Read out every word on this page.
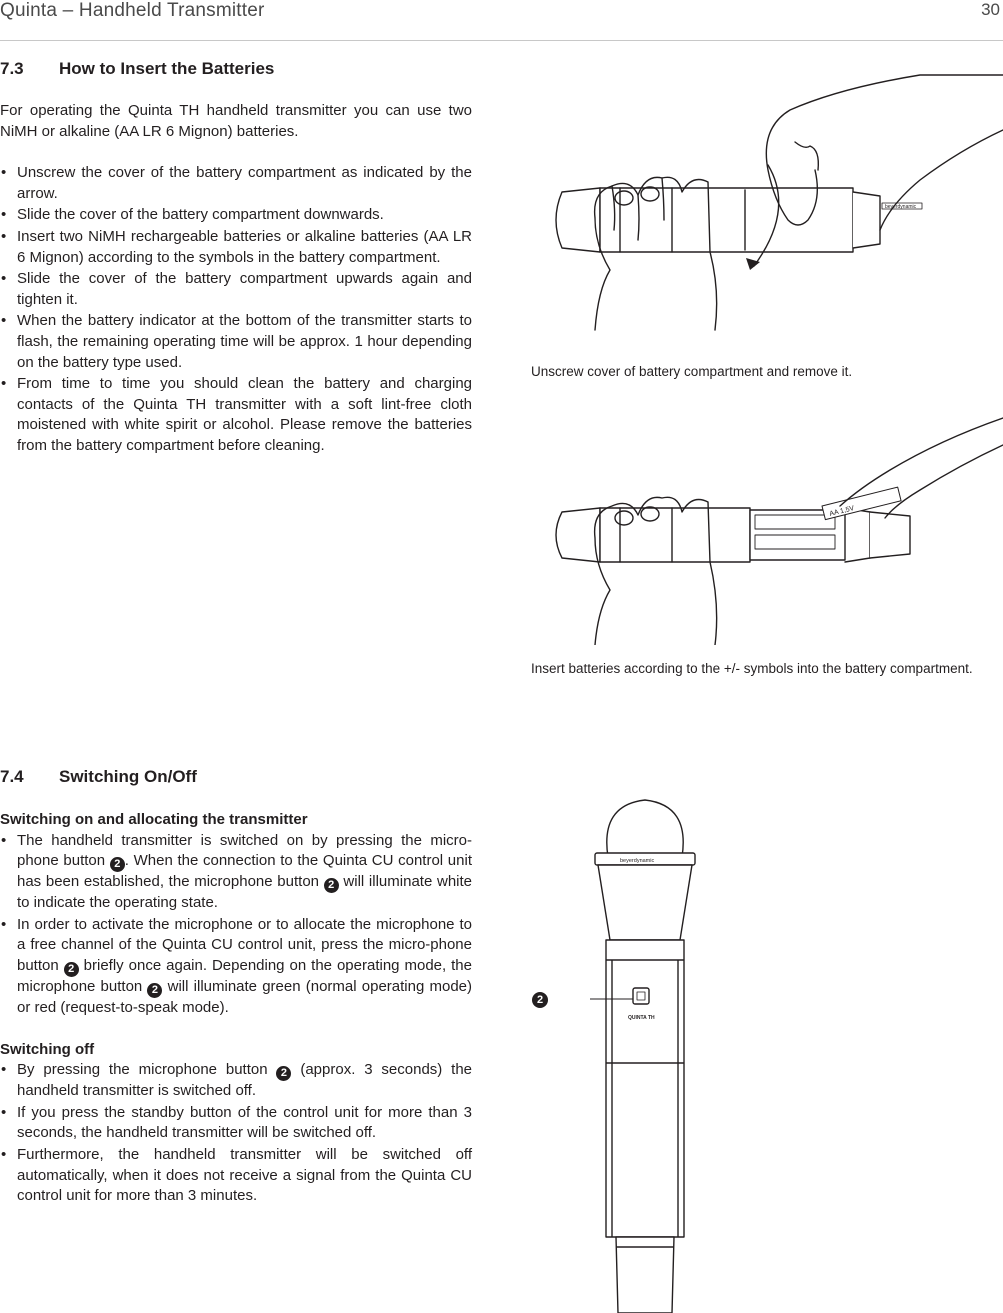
Quinta – Handheld Transmitter	30
7.3 How to Insert the Batteries

For operating the Quinta TH handheld transmitter you can use two NiMH or alkaline (AA LR 6 Mignon) batteries.

• Unscrew the cover of the battery compartment as indicated by the arrow.
• Slide the cover of the battery compartment downwards.
• Insert two NiMH rechargeable batteries or alkaline batteries (AA LR 6 Mignon) according to the symbols in the battery compartment.
• Slide the cover of the battery compartment upwards again and tighten it.
• When the battery indicator at the bottom of the transmitter starts to flash, the remaining operating time will be approx. 1 hour depending on the battery type used.
• From time to time you should clean the battery and charging contacts of the Quinta TH transmitter with a soft lint-free cloth moistened with white spirit or alcohol. Please remove the batteries from the battery compartment before cleaning.
beyerdynamic
Unscrew cover of battery compartment and remove it.
AA 1,5V
Insert batteries according to the +/- symbols into the battery compartment.
7.4 Switching On/Off

Switching on and allocating the transmitter

• The handheld transmitter is switched on by pressing the micro-phone button 2 . When the connection to the Quinta CU control unit has been established, the microphone button 2 will illuminate white to indicate the operating state.
• In order to activate the microphone or to allocate the microphone to a free channel of the Quinta CU control unit, press the micro-phone button 2 briefly once again. Depending on the operating mode, the microphone button 2 will illuminate green (normal operating mode) or red (request-to-speak mode).

Switching off

• By pressing the microphone button 2 (approx. 3 seconds) the handheld transmitter is switched off.
• If you press the standby button of the control unit for more than 3 seconds, the handheld transmitter will be switched off.
• Furthermore, the handheld transmitter will be switched off automatically, when it does not receive a signal from the Quinta CU control unit for more than 3 minutes.
beyerdynamic
QUINTA TH
2
